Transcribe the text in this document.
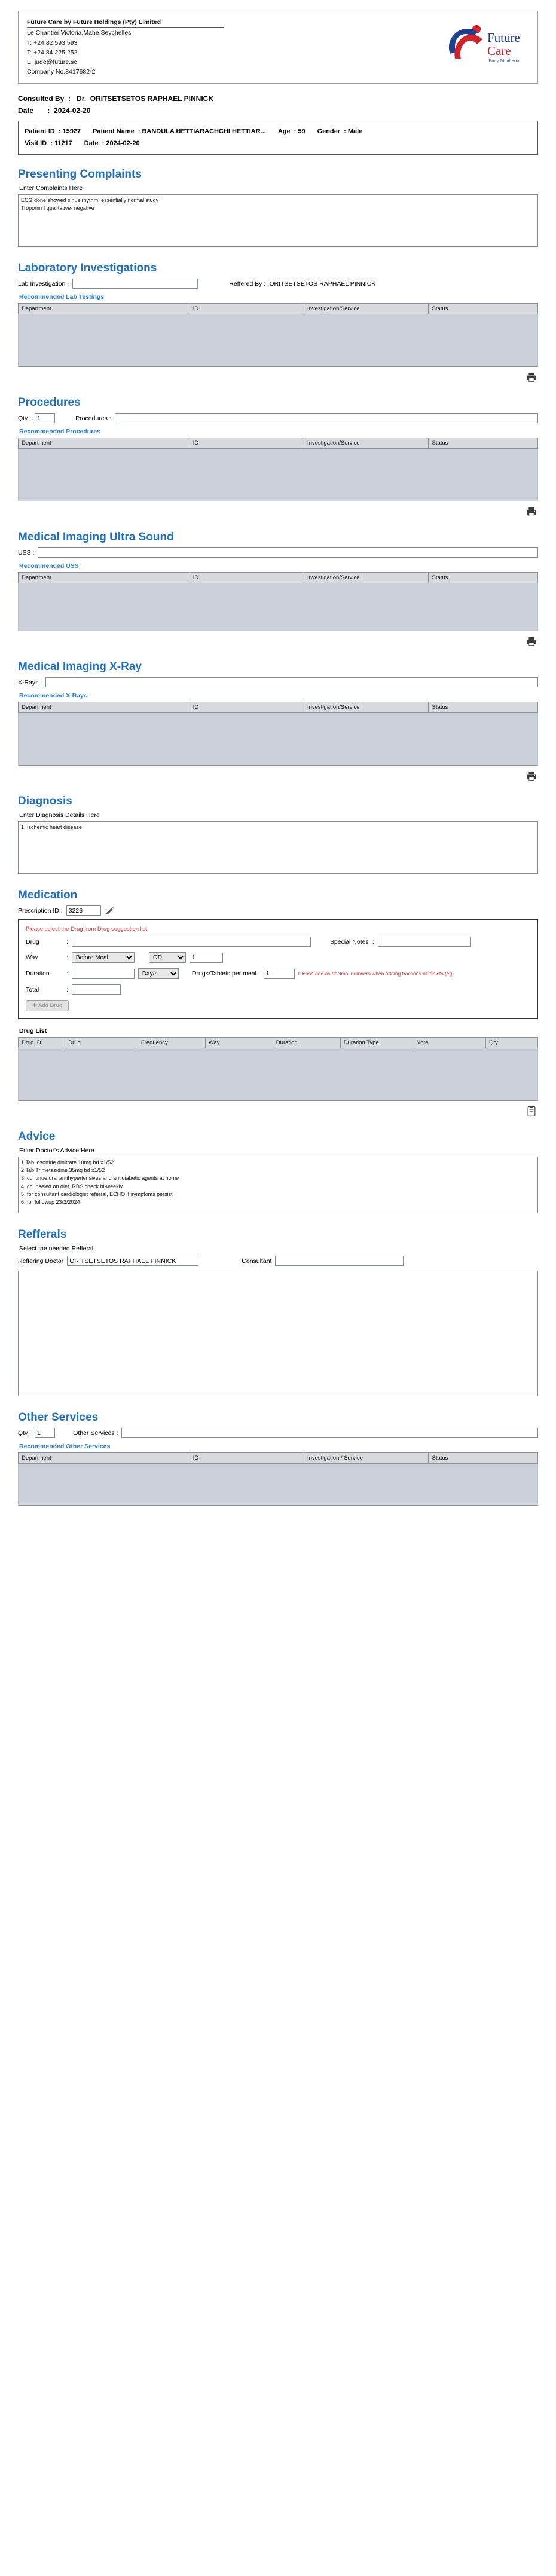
Future Care by Future Holdings (Pty) Limited
Le Chantier,Victoria,Mahe,Seychelles
T: +24 82 593 593
T: +24 84 225 252
E: jude@future.sc
Company No.8417682-2
Future
Care
Body Mind Soul
Consulted By : Dr. ORITSETSETOS RAPHAEL PINNICK
Date : 2024-02-20
Patient ID : 15927 Patient Name : BANDULA HETTIARACHCHI HETTIAR... Age : 59 Gender : Male
Visit ID : 11217 Date : 2024-02-20
Presenting Complaints
Enter Complaints Here
ECG done showed sinus rhythm, essentially normal study Troponin I qualitative- negative
Laboratory Investigations
Lab Investigation :	Reffered By : ORITSETSETOS RAPHAEL PINNICK
Recommended Lab Testings
Department	ID	Investigation/Service	Status

Procedures
Qty :
1	Procedures :
Recommended Procedures
Department	ID	Investigation/Service	Status

Medical Imaging Ultra Sound
USS :
Recommended USS
Department	ID	Investigation/Service	Status

Medical Imaging X-Ray
X-Rays :
Recommended X-Rays
Department	ID	Investigation/Service	Status

Diagnosis
Enter Diagnosis Details Here
1. Ischemic heart disease
Medication
Prescription ID :
3226
Please select the Drug from Drug suggestion list
Drug	:	Special Notes :
Way	:
Before Meal
OD
1
Duration	:
Day/s	Drugs/Tablets per meal :
1	Please add as decimal numbers when adding fractions of tablets (eg:
Total	:
✚ Add Drug
Drug List
Drug ID	Drug	Frequency	Way	Duration	Duration Type	Note	Qty

Advice
Enter Doctor's Advice Here
1.Tab losortide dinitrate 10mg bd x1/52 2.Tab Trimetazidine 35mg bd x1/52 3. continue oral antihypertensives and antidiabetic agents at home 4. counseled on diet, RBS check bi-weekly. 5. for consultant cardiologist referral, ECHO if symptoms persist 6. for followup 23/2/2024
Refferals
Select the needed Refferal
Reffering Doctor
ORITSETSETOS RAPHAEL PINNICK	Consultant
Other Services
Qty :
1	Other Services :
Recommended Other Services
Department	ID	Investigation / Service	Status
